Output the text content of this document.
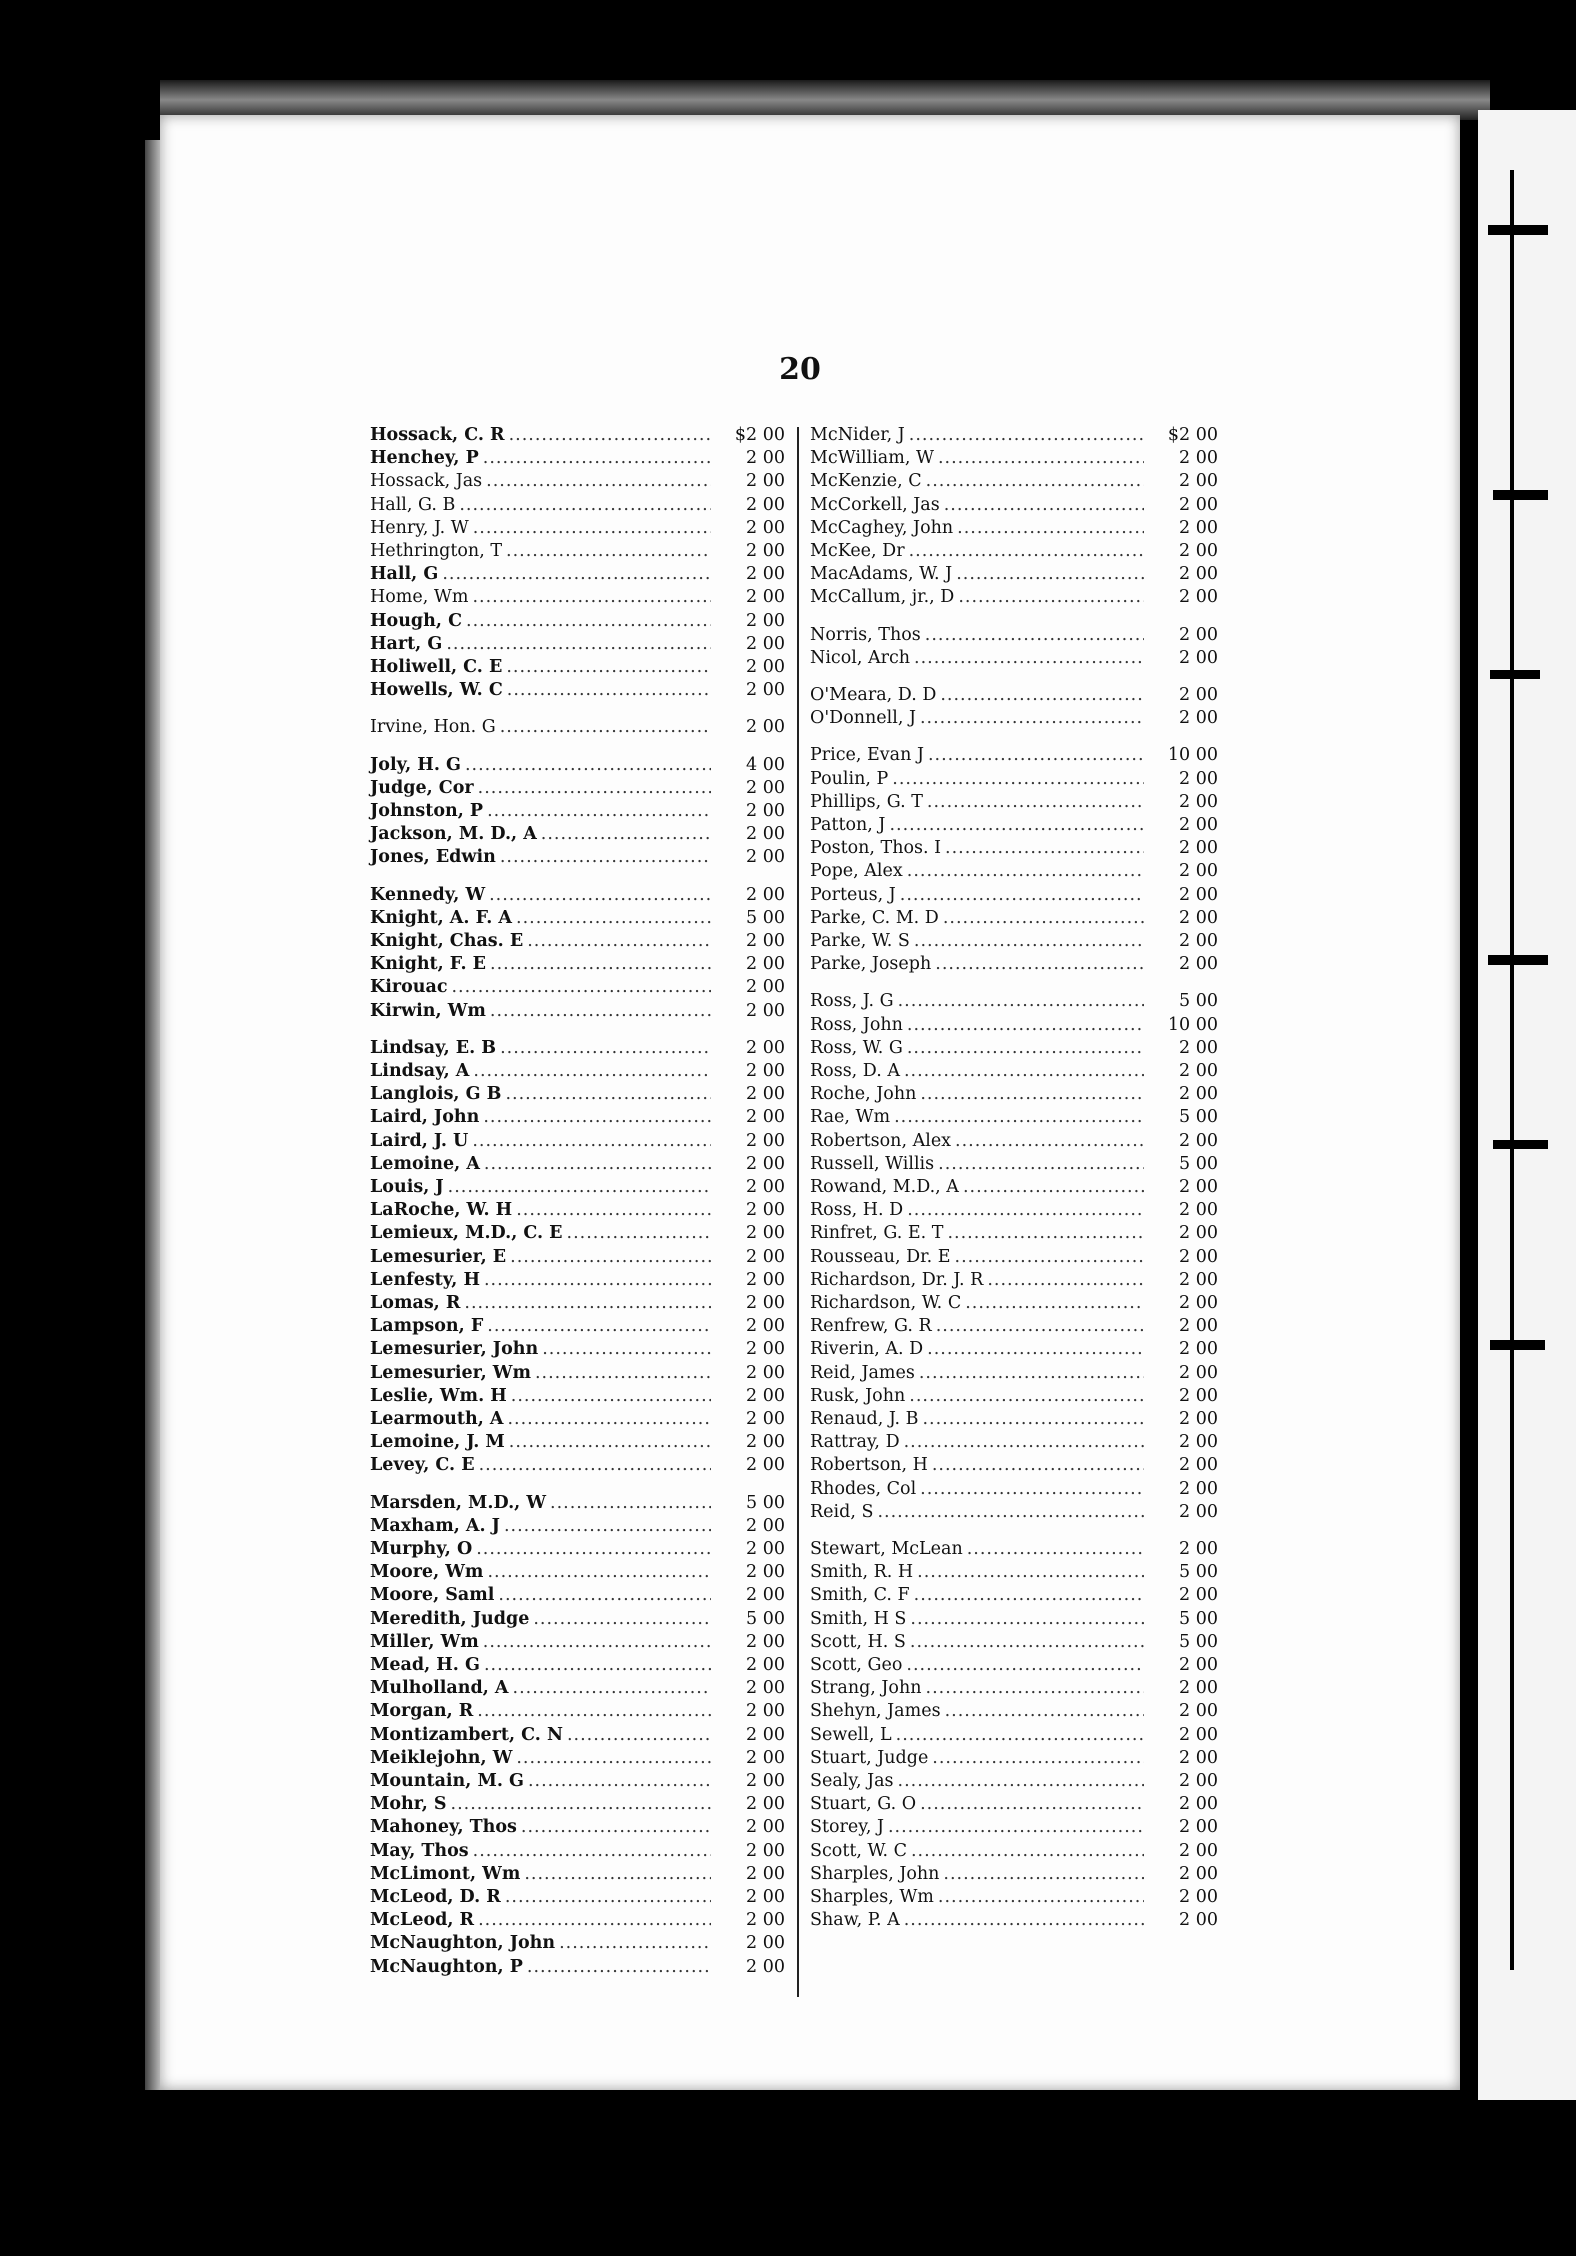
20
Hossack, C. R .....	$2 00
Henchey, P .....	2 00
Hossack, Jas .....	2 00
Hall, G. B .....	2 00
Henry, J. W .....	2 00
Hethrington, T .....	2 00
Hall, G .....	2 00
Home, Wm .....	2 00
Hough, C .....	2 00
Hart, G .....	2 00
Holiwell, C. E .....	2 00
Howells, W. C .....	2 00
Irvine, Hon. G .....	2 00
Joly, H. G .....	4 00
Judge, Cor .....	2 00
Johnston, P .....	2 00
Jackson, M. D., A .....	2 00
Jones, Edwin .....	2 00
Kennedy, W .....	2 00
Knight, A. F. A .....	5 00
Knight, Chas. E .....	2 00
Knight, F. E .....	2 00
Kirouac .....	2 00
Kirwin, Wm .....	2 00
Lindsay, E. B .....	2 00
Lindsay, A .....	2 00
Langlois, G B .....	2 00
Laird, John .....	2 00
Laird, J. U .....	2 00
Lemoine, A .....	2 00
Louis, J .....	2 00
LaRoche, W. H .....	2 00
Lemieux, M.D., C. E .....	2 00
Lemesurier, E .....	2 00
Lenfesty, H .....	2 00
Lomas, R .....	2 00
Lampson, F .....	2 00
Lemesurier, John .....	2 00
Lemesurier, Wm .....	2 00
Leslie, Wm. H .....	2 00
Learmouth, A .....	2 00
Lemoine, J. M .....	2 00
Levey, C. E .....	2 00
Marsden, M.D., W .....	5 00
Maxham, A. J .....	2 00
Murphy, O .....	2 00
Moore, Wm .....	2 00
Moore, Saml .....	2 00
Meredith, Judge .....	5 00
Miller, Wm .....	2 00
Mead, H. G .....	2 00
Mulholland, A .....	2 00
Morgan, R .....	2 00
Montizambert, C. N .....	2 00
Meiklejohn, W .....	2 00
Mountain, M. G .....	2 00
Mohr, S .....	2 00
Mahoney, Thos .....	2 00
May, Thos .....	2 00
McLimont, Wm .....	2 00
McLeod, D. R .....	2 00
McLeod, R .....	2 00
McNaughton, John .....	2 00
McNaughton, P .....	2 00
McNider, J .....	$2 00
McWilliam, W .....	2 00
McKenzie, C .....	2 00
McCorkell, Jas .....	2 00
McCaghey, John .....	2 00
McKee, Dr .....	2 00
MacAdams, W. J .....	2 00
McCallum, jr., D .....	2 00
Norris, Thos .....	2 00
Nicol, Arch .....	2 00
O'Meara, D. D .....	2 00
O'Donnell, J .....	2 00
Price, Evan J .....	10 00
Poulin, P .....	2 00
Phillips, G. T .....	2 00
Patton, J .....	2 00
Poston, Thos. I .....	2 00
Pope, Alex .....	2 00
Porteus, J .....	2 00
Parke, C. M. D .....	2 00
Parke, W. S .....	2 00
Parke, Joseph .....	2 00
Ross, J. G .....	5 00
Ross, John .....	10 00
Ross, W. G .....	2 00
Ross, D. A .....	2 00
Roche, John .....	2 00
Rae, Wm .....	5 00
Robertson, Alex .....	2 00
Russell, Willis .....	5 00
Rowand, M.D., A .....	2 00
Ross, H. D .....	2 00
Rinfret, G. E. T .....	2 00
Rousseau, Dr. E .....	2 00
Richardson, Dr. J. R .....	2 00
Richardson, W. C .....	2 00
Renfrew, G. R .....	2 00
Riverin, A. D .....	2 00
Reid, James .....	2 00
Rusk, John .....	2 00
Renaud, J. B .....	2 00
Rattray, D .....	2 00
Robertson, H .....	2 00
Rhodes, Col .....	2 00
Reid, S .....	2 00
Stewart, McLean .....	2 00
Smith, R. H .....	5 00
Smith, C. F .....	2 00
Smith, H S .....	5 00
Scott, H. S .....	5 00
Scott, Geo .....	2 00
Strang, John .....	2 00
Shehyn, James .....	2 00
Sewell, L .....	2 00
Stuart, Judge .....	2 00
Sealy, Jas .....	2 00
Stuart, G. O .....	2 00
Storey, J .....	2 00
Scott, W. C .....	2 00
Sharples, John .....	2 00
Sharples, Wm .....	2 00
Shaw, P. A .....	2 00
